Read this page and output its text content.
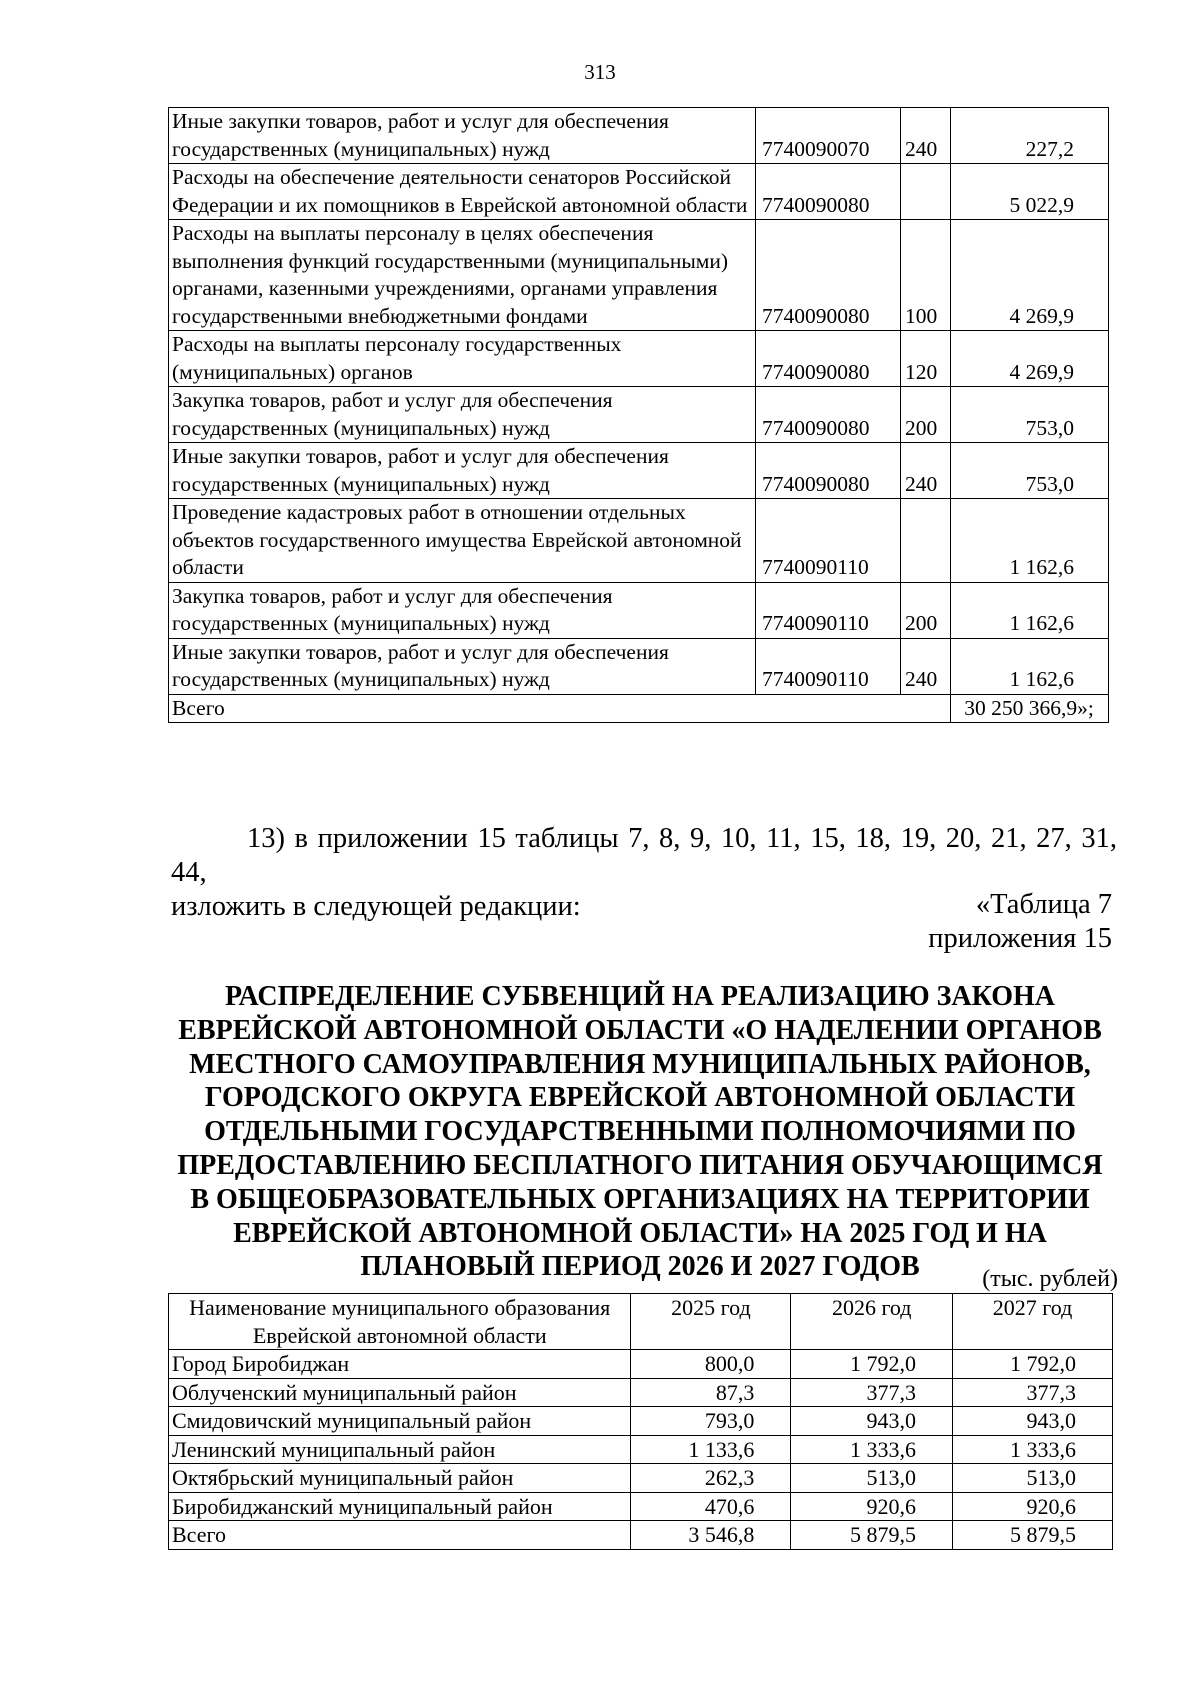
313
Иные закупки товаров, работ и услуг для обеспечения государственных (муниципальных) нужд	7740090070	240	227,2
Расходы на обеспечение деятельности сенаторов Российской Федерации и их помощников в Еврейской автономной области	7740090080		5 022,9
Расходы на выплаты персоналу в целях обеспечения выполнения функций государственными (муниципальными) органами, казенными учреждениями, органами управления государственными внебюджетными фондами	7740090080	100	4 269,9
Расходы на выплаты персоналу государственных (муниципальных) органов	7740090080	120	4 269,9
Закупка товаров, работ и услуг для обеспечения государственных (муниципальных) нужд	7740090080	200	753,0
Иные закупки товаров, работ и услуг для обеспечения государственных (муниципальных) нужд	7740090080	240	753,0
Проведение кадастровых работ в отношении отдельных объектов государственного имущества Еврейской автономной области	7740090110		1 162,6
Закупка товаров, работ и услуг для обеспечения государственных (муниципальных) нужд	7740090110	200	1 162,6
Иные закупки товаров, работ и услуг для обеспечения государственных (муниципальных) нужд	7740090110	240	1 162,6
Всего			30 250 366,9»;
13) в приложении 15 таблицы 7, 8, 9, 10, 11, 15, 18, 19, 20, 21, 27, 31, 44,
изложить в следующей редакции:	«Таблица 7
приложения 15
РАСПРЕДЕЛЕНИЕ СУБВЕНЦИЙ НА РЕАЛИЗАЦИЮ ЗАКОНА
ЕВРЕЙСКОЙ АВТОНОМНОЙ ОБЛАСТИ «О НАДЕЛЕНИИ ОРГАНОВ
МЕСТНОГО САМОУПРАВЛЕНИЯ МУНИЦИПАЛЬНЫХ РАЙОНОВ,
ГОРОДСКОГО ОКРУГА ЕВРЕЙСКОЙ АВТОНОМНОЙ ОБЛАСТИ
ОТДЕЛЬНЫМИ ГОСУДАРСТВЕННЫМИ ПОЛНОМОЧИЯМИ ПО
ПРЕДОСТАВЛЕНИЮ БЕСПЛАТНОГО ПИТАНИЯ ОБУЧАЮЩИМСЯ
В ОБЩЕОБРАЗОВАТЕЛЬНЫХ ОРГАНИЗАЦИЯХ НА ТЕРРИТОРИИ
ЕВРЕЙСКОЙ АВТОНОМНОЙ ОБЛАСТИ» НА 2025 ГОД И НА
ПЛАНОВЫЙ ПЕРИОД 2026 И 2027 ГОДОВ	(тыс. рублей)
Наименование муниципального образования
Еврейской автономной области	2025 год	2026 год	2027 год
Город Биробиджан	800,0	1 792,0	1 792,0
Облученский муниципальный район	87,3	377,3	377,3
Смидовичский муниципальный район	793,0	943,0	943,0
Ленинский муниципальный район	1 133,6	1 333,6	1 333,6
Октябрьский муниципальный район	262,3	513,0	513,0
Биробиджанский муниципальный район	470,6	920,6	920,6
Всего	3 546,8	5 879,5	5 879,5
